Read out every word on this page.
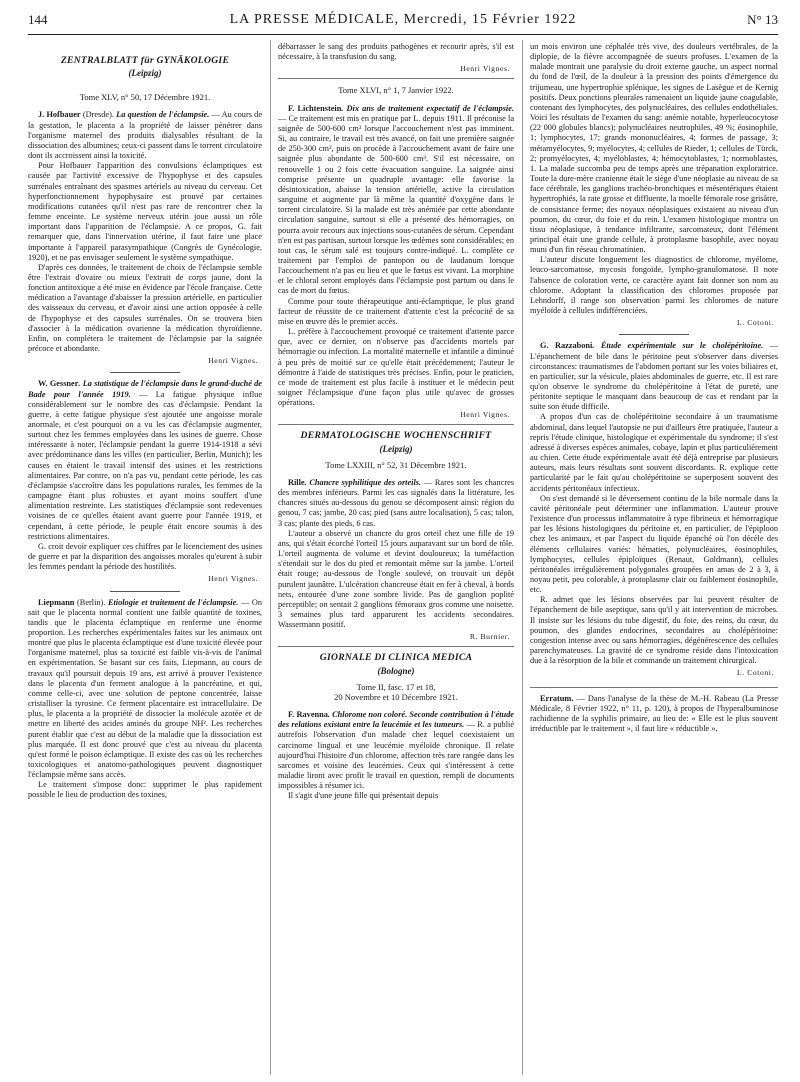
144	LA PRESSE MÉDICALE, Mercredi, 15 Février 1922	N° 13
ZENTRALBLATT für GYNÄKOLOGIE
(Leipzig)
Tome XLV, n° 50, 17 Décembre 1921.

J. Hofbauer (Dresde). La question de l'éclampsie. — Au cours de la gestation, le placenta a la propriété de laisser pénétrer dans l'organisme maternel des produits dialysables résultant de la dissociation des albumines; ceux-ci passent dans le torrent circulatoire dont ils accroissent ainsi la toxicité.

Pour Hofbauer l'apparition des convulsions éclamptiques est causée par l'activité excessive de l'hypophyse et des capsules surrénales entraînant des spasmes artériels au niveau du cerveau. Cet hyperfonctionnement hypophysaire est prouvé par certaines modifications cutanées qu'il n'est pas rare de rencontrer chez la femme enceinte. Le système nerveux utérin joue aussi un rôle important dans l'apparition de l'éclampsie. A ce propos, G. fait remarquer que, dans l'innervation utérine, il faut faire une place importante à l'appareil parasympathique (Congrès de Gynécologie, 1920), et ne pas envisager seulement le système sympathique.

D'après ces données, le traitement de choix de l'éclampsie semble être l'extrait d'ovaire ou mieux l'extrait de corps jaune, dont la fonction antitoxique a été mise en évidence par l'école française. Cette médication a l'avantage d'abaisser la pression artérielle, en particulier des vaisseaux du cerveau, et d'avoir ainsi une action opposée à celle de l'hypophyse et des capsules surrénales. On se trouvera bien d'associer à la médication ovarienne la médication thyroïdienne. Enfin, on complétera le traitement de l'éclampsie par la saignée précoce et abondante.

Henri Vignes.

W. Gessner. La statistique de l'éclampsie dans le grand-duché de Bade pour l'année 1919. — La fatigue physique influe considérablement sur le nombre des cas d'éclampsie. Pendant la guerre, à cette fatigue physique s'est ajoutée une angoisse morale anormale, et c'est pourquoi on a vu les cas d'éclampsie augmenter, surtout chez les femmes employées dans les usines de guerre. Chose intéressante à noter, l'éclampsie pendant la guerre 1914-1918 a sévi avec prédominance dans les villes (en particulier, Berlin, Munich); les causes en étaient le travail intensif des usines et les restrictions alimentaires. Par contre, on n'a pas vu, pendant cette période, les cas d'éclampsie s'accroître dans les populations rurales, les femmes de la campagne étant plus robustes et ayant moins souffert d'une alimentation restreinte. Les statistiques d'éclampsie sont redevenues voisines de ce qu'elles étaient avant guerre pour l'année 1919, et cependant, à cette période, le peuple était encore soumis à des restrictions alimentaires.

G. croit devoir expliquer ces chiffres par le licenciement des usines de guerre et par la disparition des angoisses morales qu'eurent à subir les femmes pendant la période des hostilités.

Henri Vignes.

Liepmann (Berlin). Etiologie et traitement de l'éclampsie. — On sait que le placenta normal contient une faible quantité de toxines, tandis que le placenta éclamptique en renferme une énorme proportion. Les recherches expérimentales faites sur les animaux ont montré que plus le placenta éclamptique est d'une toxicité élevée pour l'organisme maternel, plus sa toxicité est faible vis-à-vis de l'animal en expérimentation. Se basant sur ces faits, Liepmann, au cours de travaux qu'il poursuit depuis 19 ans, est arrivé à prouver l'existence dans le placenta d'un ferment analogue à la pancréatine, et qui, comme celle-ci, avec une solution de peptone concentrée, laisse cristalliser la tyrosine. Ce ferment placentaire est intracellulaire. De plus, le placenta a la propriété de dissocier la molécule azotée et de mettre en liberté des acides aminés du groupe NH². Les recherches purent établir que c'est au début de la maladie que la dissociation est plus marquée. Il est donc prouvé que c'est au niveau du placenta qu'est formé le poison éclamptique. Il existe des cas où les recherches toxicologiques et anatomo-pathologiques peuvent diagnostiquer l'éclampsie même sans accès.

Le traitement s'impose donc: supprimer le plus rapidement possible le lieu de production des toxines,

débarrasser le sang des produits pathogènes et recourir après, s'il est nécessaire, à la transfusion du sang.

Henri Vignes.
Tome XLVI, n° 1, 7 Janvier 1922.

F. Lichtenstein. Dix ans de traitement expectatif de l'éclampsie. — Ce traitement est mis en pratique par L. depuis 1911. Il préconise la saignée de 500-600 cm³ lorsque l'accouchement n'est pas imminent. Si, au contraire, le travail est très avancé, on fait une première saignée de 250-300 cm³, puis on procède à l'accouchement avant de faire une saignée plus abondante de 500-600 cm³. S'il est nécessaire, on renouvelle 1 ou 2 fois cette évacuation sanguine. La saignée ainsi comprise présente un quadruple avantage: elle favorise la désintoxication, abaisse la tension artérielle, active la circulation sanguine et augmente par là même la quantité d'oxygène dans le torrent circulatoire. Si la malade est très anémiée par cette abondante circulation sanguine, surtout si elle a présenté des hémorragies, on pourra avoir recours aux injections sous-cutanées de sérum. Cependant n'en est pas partisan, surtout lorsque les œdèmes sont considérables; en tout cas, le sérum salé est toujours contre-indiqué. L. complète ce traitement par l'emploi de pantopon ou de laudanum lorsque l'accouchement n'a pas eu lieu et que le fœtus est vivant. La morphine et le chloral seront employés dans l'éclampsie post partum ou dans le cas de mort du fœtus.

Comme pour toute thérapeutique anti-éclamptique, le plus grand facteur de réussite de ce traitement d'attente c'est la précocité de sa mise en œuvre dès le premier accès.

L. préfère à l'accouchement provoqué ce traitement d'attente parce que, avec ce dernier, on n'observe pas d'accidents mortels par hémorragie ou infection. La mortalité maternelle et infantile a diminué à peu près de moitié sur ce qu'elle était précédemment; l'auteur le démontre à l'aide de statistiques très précises. Enfin, pour le praticien, ce mode de traitement est plus facile à instituer et le médecin peut soigner l'éclampsique d'une façon plus utile qu'avec de grosses opérations.

Henri Vignes.
DERMATOLOGISCHE WOCHENSCHRIFT
(Leipzig)
Tome LXXIII, n° 52, 31 Décembre 1921.

Rille. Chancre syphilitique des orteils. — Rares sont les chancres des membres inférieurs. Parmi les cas signalés dans la littérature, les chancres situés au-dessous du genou se décomposent ainsi: région du genou, 7 cas; jambe, 20 cas; pied (sans autre localisation), 5 cas; talon, 3 cas; plante des pieds, 6 cas.

L'auteur a observé un chancre du gros orteil chez une fille de 19 ans, qui s'était écorché l'orteil 15 jours auparavant sur un bord de tôle. L'orteil augmenta de volume et devint douloureux; la tuméfaction s'étendait sur le dos du pied et remontait même sur la jambe. L'orteil était rouge; au-dessous de l'ongle soulevé, on trouvait un dépôt purulent jaunâtre. L'ulcération chancreuse était en fer à cheval, à bords nets, entourée d'une zone sombre livide. Pas de ganglion poplité perceptible; on sentait 2 ganglions fémoraux gros comme une noisette. 3 semaines plus tard apparurent les accidents secondaires. Wassermann positif.

R. Burnier.
GIORNALE DI CLINICA MEDICA
(Bologne)
Tome II, fasc. 17 et 18,
20 Novembre et 10 Décembre 1921.

F. Ravenna. Chlorome non coloré. Seconde contribution à l'étude des relations existant entre la leucémie et les tumeurs. — R. a publié autrefois l'observation d'un malade chez lequel coexistaient un carcinome lingual et une leucémie myéloïde chronique. Il relate aujourd'hui l'histoire d'un chlorome, affection très rare rangée dans les sarcomes et voisine des leucémies. Ceux qui s'intéressent à cette maladie liront avec profit le travail en question, rempli de documents impossibles à résumer ici.

Il s'agit d'une jeune fille qui présentait depuis

un mois environ une céphalée très vive, des douleurs vertébrales, de la diplopie, de la fièvre accompagnée de sueurs profuses. L'examen de la malade montrait une paralysie du droit externe gauche, un aspect normal du fond de l'œil, de la douleur à la pression des points d'émergence du trijumeau, une hypertrophie splénique, les signes de Lasègue et de Kernig positifs. Deux ponctions pleurales ramenaient un liquide jaune coagulable, contenant des lymphocytes, des polynucléaires, des cellules endothéliales. Voici les résultats de l'examen du sang: anémie notable, hyperleucocytose (22 000 globules blancs); polynucléaires neutrophiles, 49 %; éosinophile, 1; lymphocytes, 17; grands mononucléaires, 4; formes de passage, 3; métamyélocytes, 9; myélocytes, 4; cellules de Rieder, 1; cellules de Türck, 2; promyélocytes, 4; myéloblastes, 4; hémocytoblastes, 1; normoblastes, 1. La malade succomba peu de temps après une trépanation exploratrice. Toute la dure-mère cranienne était le siège d'une néoplasie au niveau de sa face cérébrale, les ganglions trachéo-bronchiques et mésentériques étaient hypertrophiés, la rate grosse et diffluente, la moelle fémorale rose grisâtre, de consistance ferme; des noyaux néoplasiques existaient au niveau d'un poumon, du cœur, du foie et du rein. L'examen histologique montra un tissu néoplasique, à tendance infiltrante, sarcomateux, dont l'élément principal était une grande cellule, à protoplasme basophile, avec noyau muni d'un fin réseau chromatinien.

L'auteur discute longuement les diagnostics de chlorome, myélome, leuco-sarcomatose, mycosis fongoïde, lympho-granulomatose. Il note l'absence de coloration verte, ce caractère ayant fait donner son nom au chlorome. Adoptant la classification des chloromes proposée par Lehndorff, il range son observation parmi les chloromes de nature myéloïde à cellules indifférenciées.

L. Cotoni.

G. Razzaboni. Étude expérimentale sur le cholépéritoine. — L'épanchement de bile dans le péritoine peut s'observer dans diverses circonstances: traumatismes de l'abdomen portant sur les voies biliaires et, en particulier, sur la vésicule, plaies abdominales de guerre, etc. Il est rare qu'on observe le syndrome du cholépéritoine à l'état de pureté, une péritonite septique le masquant dans beaucoup de cas et rendant par la suite son étude difficile.

A propos d'un cas de cholépéritoine secondaire à un traumatisme abdominal, dans lequel l'autopsie ne put d'ailleurs être pratiquée, l'auteur a repris l'étude clinique, histologique et expérimentale du syndrome; il s'est adressé à diverses espèces animales, cobaye, lapin et plus particulièrement au chien. Cette étude expérimentale avait été déjà entreprise par plusieurs auteurs, mais leurs résultats sont souvent discordants. R. explique cette particularité par le fait qu'au cholépéritoine se superposent souvent des accidents péritonéaux infectieux.

On s'est demandé si le déversement continu de la bile normale dans la cavité péritonéale peut déterminer une inflammation. L'auteur prouve l'existence d'un processus inflammatoire à type fibrineux et hémorragique par les lésions histologiques du péritoine et, en particulier, de l'épiploon chez les animaux, et par l'aspect du liquide épanché où l'on décèle des éléments cellulaires variés: hématies, polynucléaires, éosinophiles, lymphocytes, cellules épiploïques (Renaut, Goldmann), cellules péritonéales irrégulièrement polygonales groupées en amas de 2 à 3, à noyau petit, peu colorable, à protoplasme clair ou faiblement éosinophile, etc.

R. admet que les lésions observées par lui peuvent résulter de l'épanchement de bile aseptique, sans qu'il y ait intervention de microbes. Il insiste sur les lésions du tube digestif, du foie, des reins, du cœur, du poumon, des glandes endocrines, secondaires au cholépéritoine: congestion intense avec ou sans hémorragies, dégénérescence des cellules parenchymateuses. La gravité de ce syndrome réside dans l'intoxication due à la résorption de la bile et commande un traitement chirurgical.

L. Cotoni.

Erratum. — Dans l'analyse de la thèse de M.-H. Rabeau (La Presse Médicale, 8 Février 1922, n° 11, p. 120), à propos de l'hyperalbuminose rachidienne de la syphilis primaire, au lieu de: « Elle est le plus souvent irréductible par le traitement », il faut lire « réductible ».
